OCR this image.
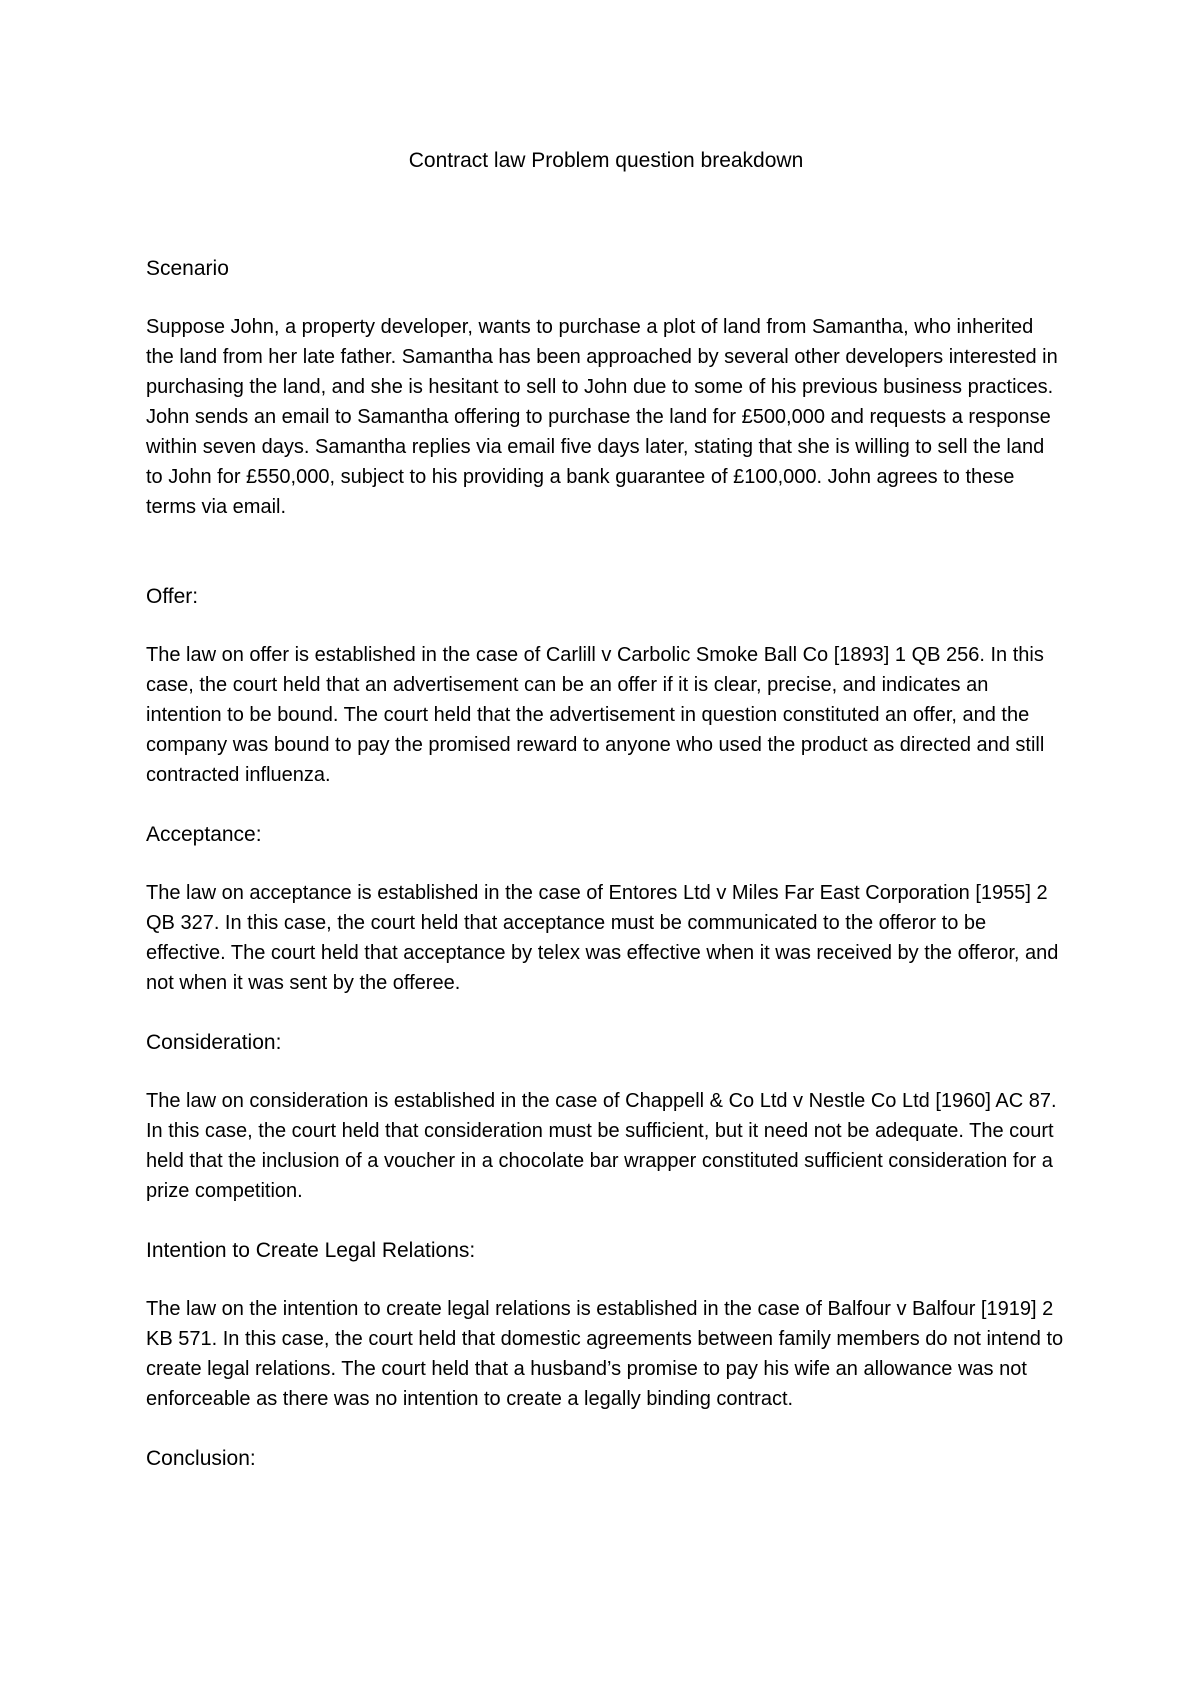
Contract law Problem question breakdown
Scenario

Suppose John, a property developer, wants to purchase a plot of land from Samantha, who inherited the land from her late father. Samantha has been approached by several other developers interested in purchasing the land, and she is hesitant to sell to John due to some of his previous business practices. John sends an email to Samantha offering to purchase the land for £500,000 and requests a response within seven days. Samantha replies via email five days later, stating that she is willing to sell the land to John for £550,000, subject to his providing a bank guarantee of £100,000. John agrees to these terms via email.

Offer:

The law on offer is established in the case of Carlill v Carbolic Smoke Ball Co [1893] 1 QB 256. In this case, the court held that an advertisement can be an offer if it is clear, precise, and indicates an intention to be bound. The court held that the advertisement in question constituted an offer, and the company was bound to pay the promised reward to anyone who used the product as directed and still contracted influenza.

Acceptance:

The law on acceptance is established in the case of Entores Ltd v Miles Far East Corporation [1955] 2 QB 327. In this case, the court held that acceptance must be communicated to the offeror to be effective. The court held that acceptance by telex was effective when it was received by the offeror, and not when it was sent by the offeree.

Consideration:

The law on consideration is established in the case of Chappell & Co Ltd v Nestle Co Ltd [1960] AC 87. In this case, the court held that consideration must be sufficient, but it need not be adequate. The court held that the inclusion of a voucher in a chocolate bar wrapper constituted sufficient consideration for a prize competition.

Intention to Create Legal Relations:

The law on the intention to create legal relations is established in the case of Balfour v Balfour [1919] 2 KB 571. In this case, the court held that domestic agreements between family members do not intend to create legal relations. The court held that a husband’s promise to pay his wife an allowance was not enforceable as there was no intention to create a legally binding contract.

Conclusion:
